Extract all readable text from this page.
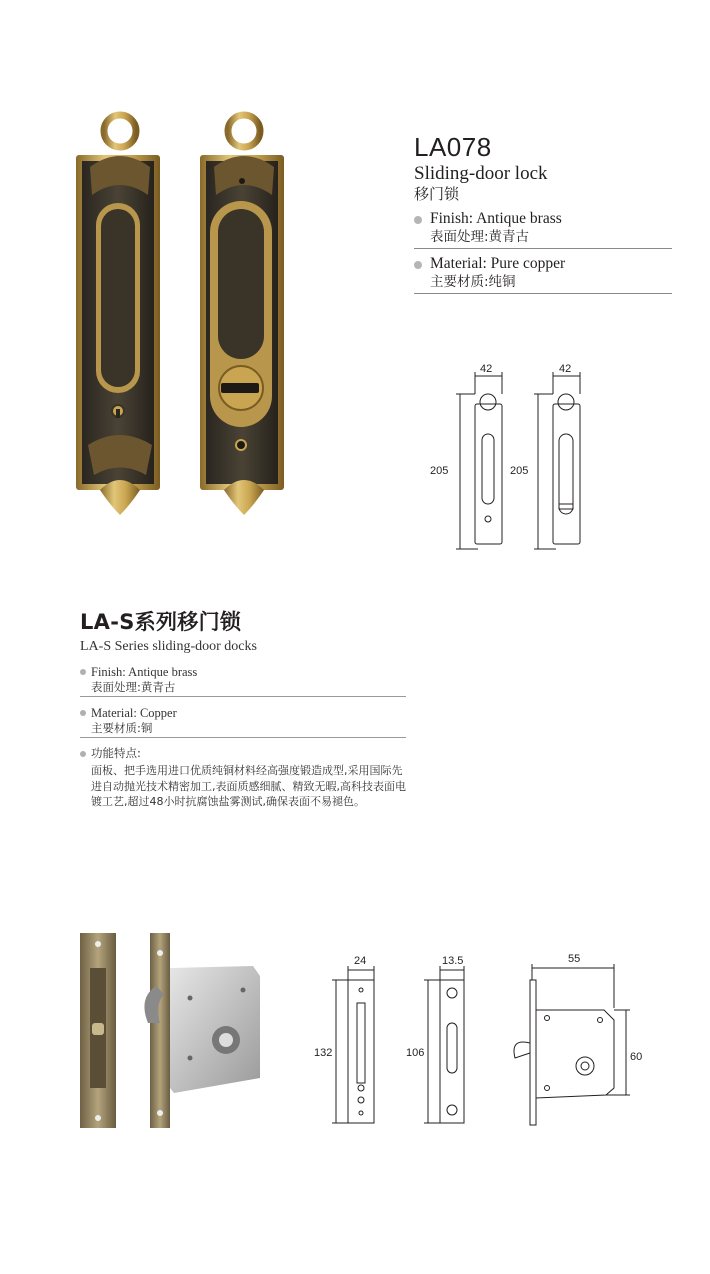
LA078
Sliding-door lock
移门锁
Finish: Antique brass
表面处理:黄青古
Material: Pure copper
主要材质:纯铜
42
205
42
205
LA-S系列移门锁
LA-S Series sliding-door docks
Finish: Antique brass
表面处理:黄青古
Material: Copper
主要材质:铜
功能特点:
面板、把手选用进口优质纯铜材料经高强度锻造成型,采用国际先进自动抛光技术精密加工,表面质感细腻、精致无暇,高科技表面电镀工艺,超过48小时抗腐蚀盐雾测试,确保表面不易褪色。
24
132
13.5
106
55
60
